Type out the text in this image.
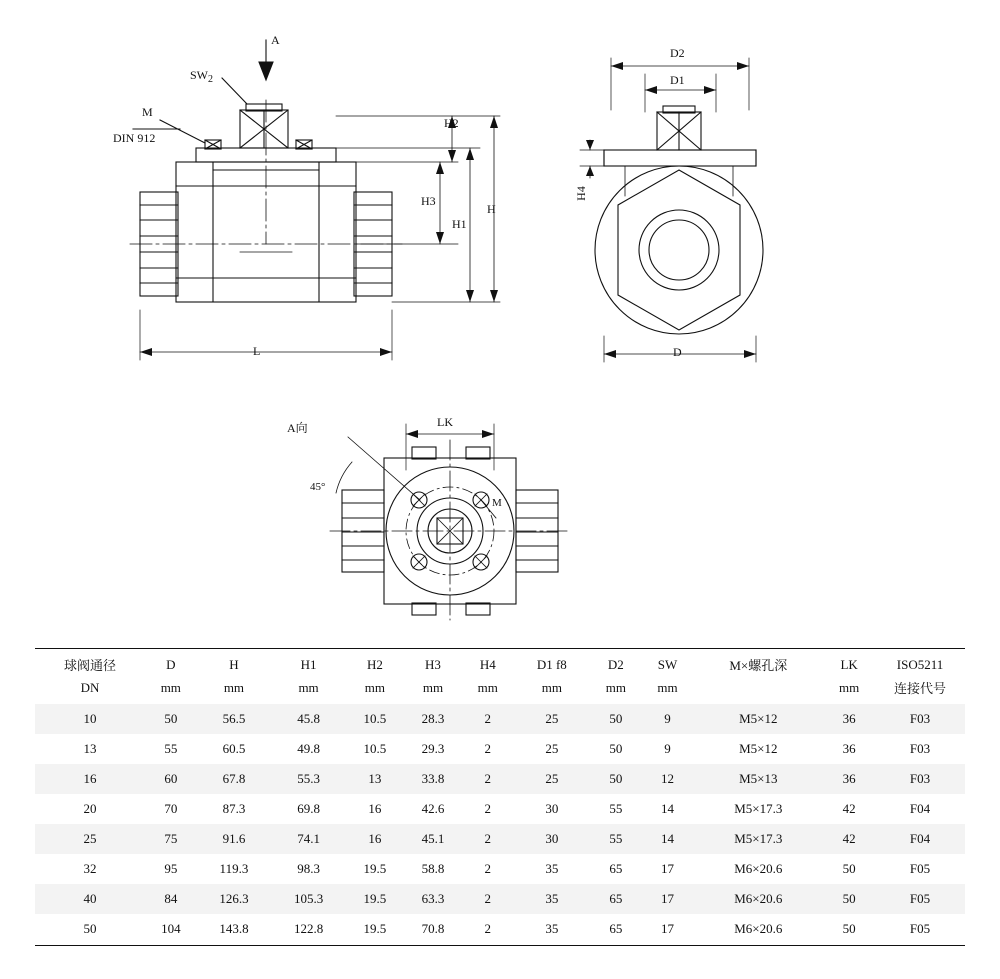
A
$SW_2$
M
DIN 912
L
H2
H3
H1
H
D2
D1
H4
D
A向	LK
45°
M
球阀通径	D	H	H1	H2	H3	H4	D1 f8	D2	SW	M×螺孔深	LK	ISO5211
DN	mm	mm	mm	mm	mm	mm	mm	mm	mm		mm	连接代号
10	50	56.5	45.8	10.5	28.3	2	25	50	9	M5×12	36	F03
13	55	60.5	49.8	10.5	29.3	2	25	50	9	M5×12	36	F03
16	60	67.8	55.3	13	33.8	2	25	50	12	M5×13	36	F03
20	70	87.3	69.8	16	42.6	2	30	55	14	M5×17.3	42	F04
25	75	91.6	74.1	16	45.1	2	30	55	14	M5×17.3	42	F04
32	95	119.3	98.3	19.5	58.8	2	35	65	17	M6×20.6	50	F05
40	84	126.3	105.3	19.5	63.3	2	35	65	17	M6×20.6	50	F05
50	104	143.8	122.8	19.5	70.8	2	35	65	17	M6×20.6	50	F05
